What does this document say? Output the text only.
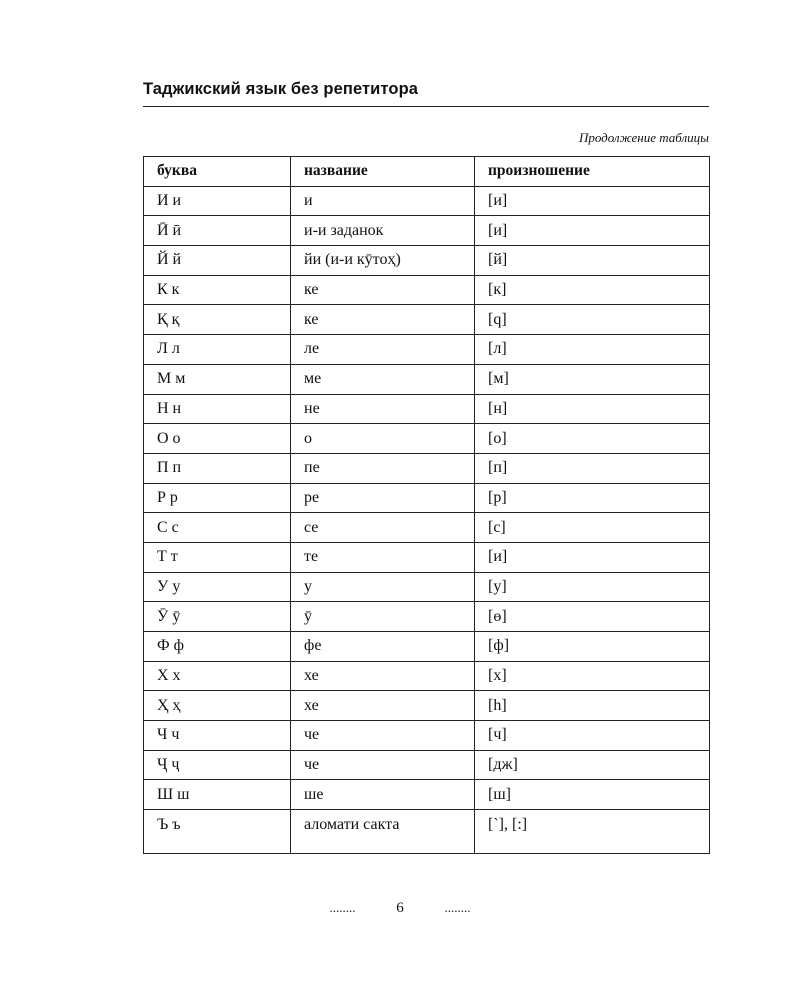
Таджикский язык без репетитора
Продолжение таблицы
буква	название	произношение
И и	и	[и]
Ӣ ӣ	и-и заданок	[и]
Й й	йи (и-и кӯтоҳ)	[й]
К к	ке	[к]
Қ қ	ке	[q]
Л л	ле	[л]
М м	ме	[м]
Н н	не	[н]
О о	о	[о]
П п	пе	[п]
Р р	ре	[р]
С с	се	[с]
Т т	те	[и]
У у	у	[у]
Ӯ ӯ	ӯ	[ө]
Ф ф	фе	[ф]
Х х	хе	[х]
Ҳ ҳ	хе	[h]
Ч ч	че	[ч]
Ҷ ҷ	че	[дж]
Ш ш	ше	[ш]
Ъ ъ	аломати сакта	[`], [:]
........	6	........
